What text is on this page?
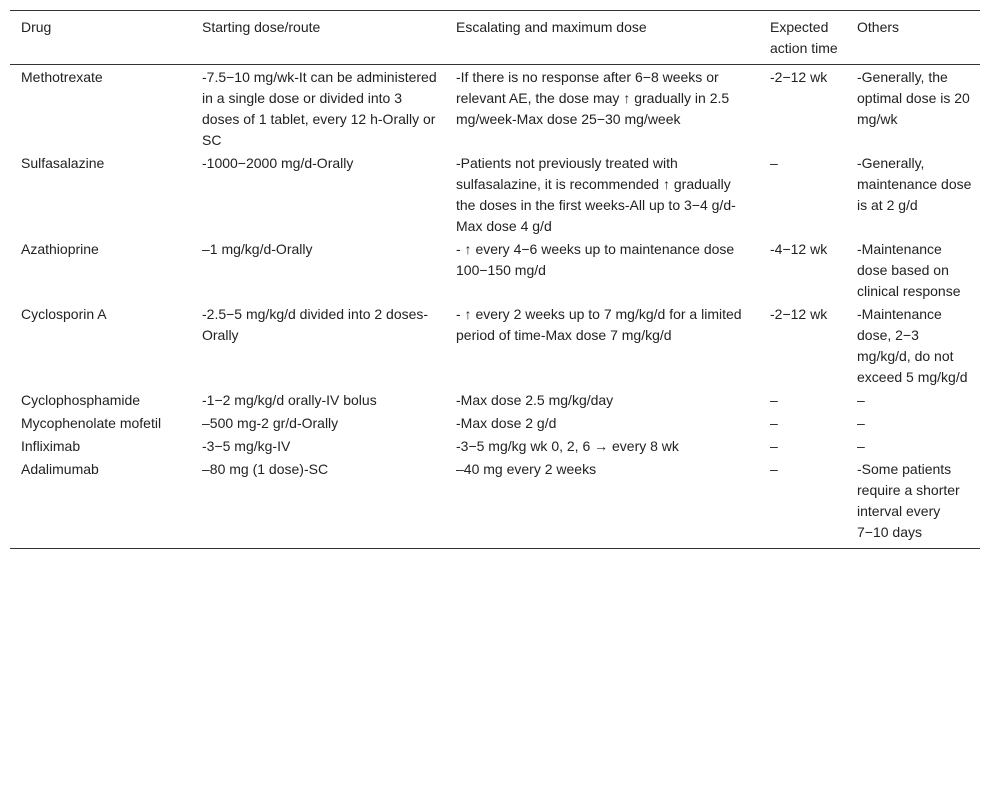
Drug	Starting dose/route	Escalating and maximum dose	Expected action time	Others
Methotrexate	-7.5−10 mg/wk-It can be administered in a single dose or divided into 3 doses of 1 tablet, every 12 h-Orally or SC	-If there is no response after 6−8 weeks or relevant AE, the dose may ↑ gradually in 2.5 mg/week-Max dose 25−30 mg/week	-2−12 wk	-Generally, the optimal dose is 20 mg/wk
Sulfasalazine	-1000−2000 mg/d-Orally	-Patients not previously treated with sulfasalazine, it is recommended ↑ gradually the doses in the first weeks-All up to 3−4 g/d-Max dose 4 g/d	–	-Generally, maintenance dose is at 2 g/d
Azathioprine	–1 mg/kg/d-Orally	- ↑ every 4−6 weeks up to maintenance dose 100−150 mg/d	-4−12 wk	-Maintenance dose based on clinical response
Cyclosporin A	-2.5−5 mg/kg/d divided into 2 doses-Orally	- ↑ every 2 weeks up to 7 mg/kg/d for a limited period of time-Max dose 7 mg/kg/d	-2−12 wk	-Maintenance dose, 2−3 mg/kg/d, do not exceed 5 mg/kg/d
Cyclophosphamide	-1−2 mg/kg/d orally-IV bolus	-Max dose 2.5 mg/kg/day	–	–
Mycophenolate mofetil	–500 mg-2 gr/d-Orally	-Max dose 2 g/d	–	–
Infliximab	-3−5 mg/kg-IV	-3−5 mg/kg wk 0, 2, 6 → every 8 wk	–	–
Adalimumab	–80 mg (1 dose)-SC	–40 mg every 2 weeks	–	-Some patients require a shorter interval every 7−10 days
